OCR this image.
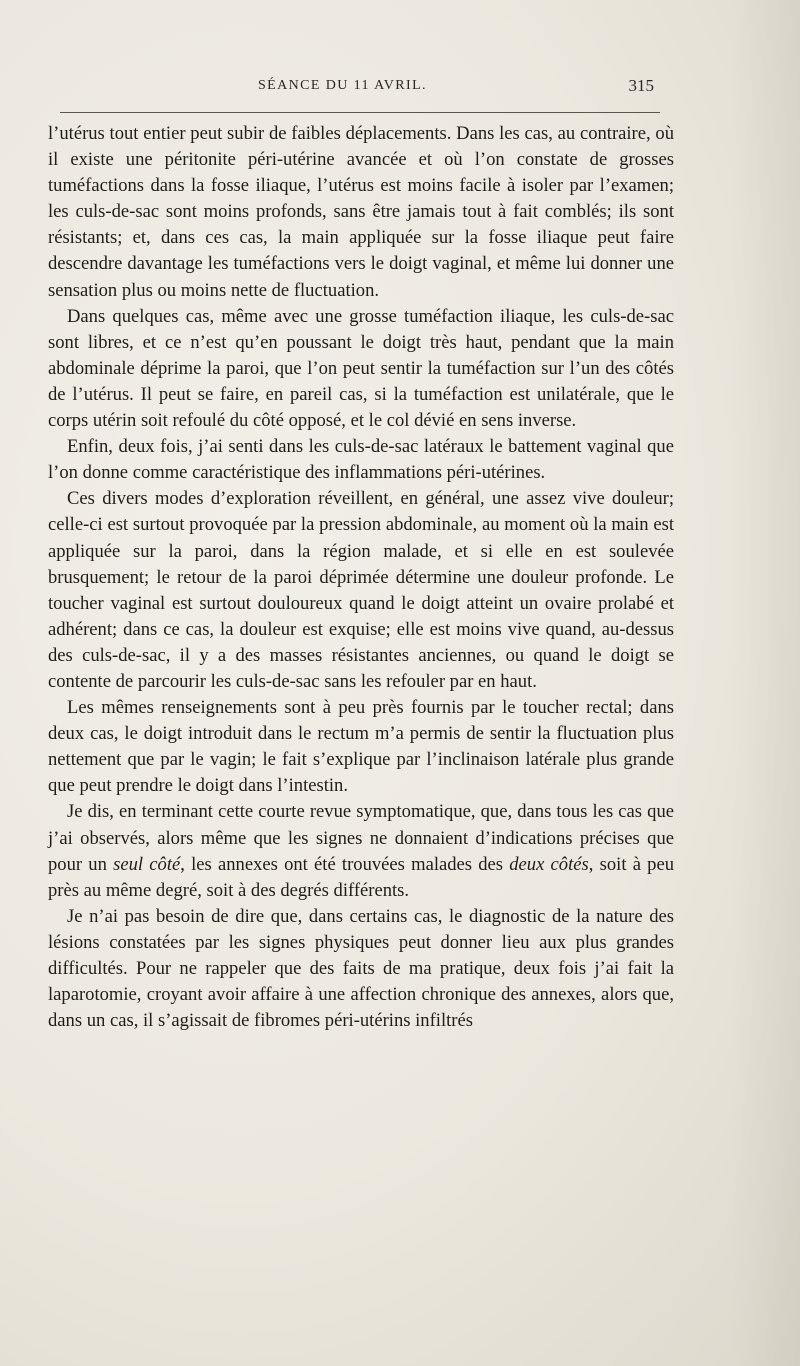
SÉANCE DU 11 AVRIL.	315

l’utérus tout entier peut subir de faibles déplacements. Dans les cas, au contraire, où il existe une péritonite péri-utérine avancée et où l’on constate de grosses tuméfactions dans la fosse iliaque, l’utérus est moins facile à isoler par l’examen; les culs-de-sac sont moins profonds, sans être jamais tout à fait comblés; ils sont résistants; et, dans ces cas, la main appliquée sur la fosse iliaque peut faire descendre davantage les tuméfactions vers le doigt vaginal, et même lui donner une sensation plus ou moins nette de fluctuation.

Dans quelques cas, même avec une grosse tuméfaction iliaque, les culs-de-sac sont libres, et ce n’est qu’en poussant le doigt très haut, pendant que la main abdominale déprime la paroi, que l’on peut sentir la tuméfaction sur l’un des côtés de l’utérus. Il peut se faire, en pareil cas, si la tuméfaction est unilatérale, que le corps utérin soit refoulé du côté opposé, et le col dévié en sens inverse.

Enfin, deux fois, j’ai senti dans les culs-de-sac latéraux le battement vaginal que l’on donne comme caractéristique des inflammations péri-utérines.

Ces divers modes d’exploration réveillent, en général, une assez vive douleur; celle-ci est surtout provoquée par la pression abdominale, au moment où la main est appliquée sur la paroi, dans la région malade, et si elle en est soulevée brusquement; le retour de la paroi déprimée détermine une douleur profonde. Le toucher vaginal est surtout douloureux quand le doigt atteint un ovaire prolabé et adhérent; dans ce cas, la douleur est exquise; elle est moins vive quand, au-dessus des culs-de-sac, il y a des masses résistantes anciennes, ou quand le doigt se contente de parcourir les culs-de-sac sans les refouler par en haut.

Les mêmes renseignements sont à peu près fournis par le toucher rectal; dans deux cas, le doigt introduit dans le rectum m’a permis de sentir la fluctuation plus nettement que par le vagin; le fait s’explique par l’inclinaison latérale plus grande que peut prendre le doigt dans l’intestin.

Je dis, en terminant cette courte revue symptomatique, que, dans tous les cas que j’ai observés, alors même que les signes ne donnaient d’indications précises que pour un seul côté, les annexes ont été trouvées malades des deux côtés, soit à peu près au même degré, soit à des degrés différents.

Je n’ai pas besoin de dire que, dans certains cas, le diagnostic de la nature des lésions constatées par les signes physiques peut donner lieu aux plus grandes difficultés. Pour ne rappeler que des faits de ma pratique, deux fois j’ai fait la laparotomie, croyant avoir affaire à une affection chronique des annexes, alors que, dans un cas, il s’agissait de fibromes péri-utérins infiltrés
